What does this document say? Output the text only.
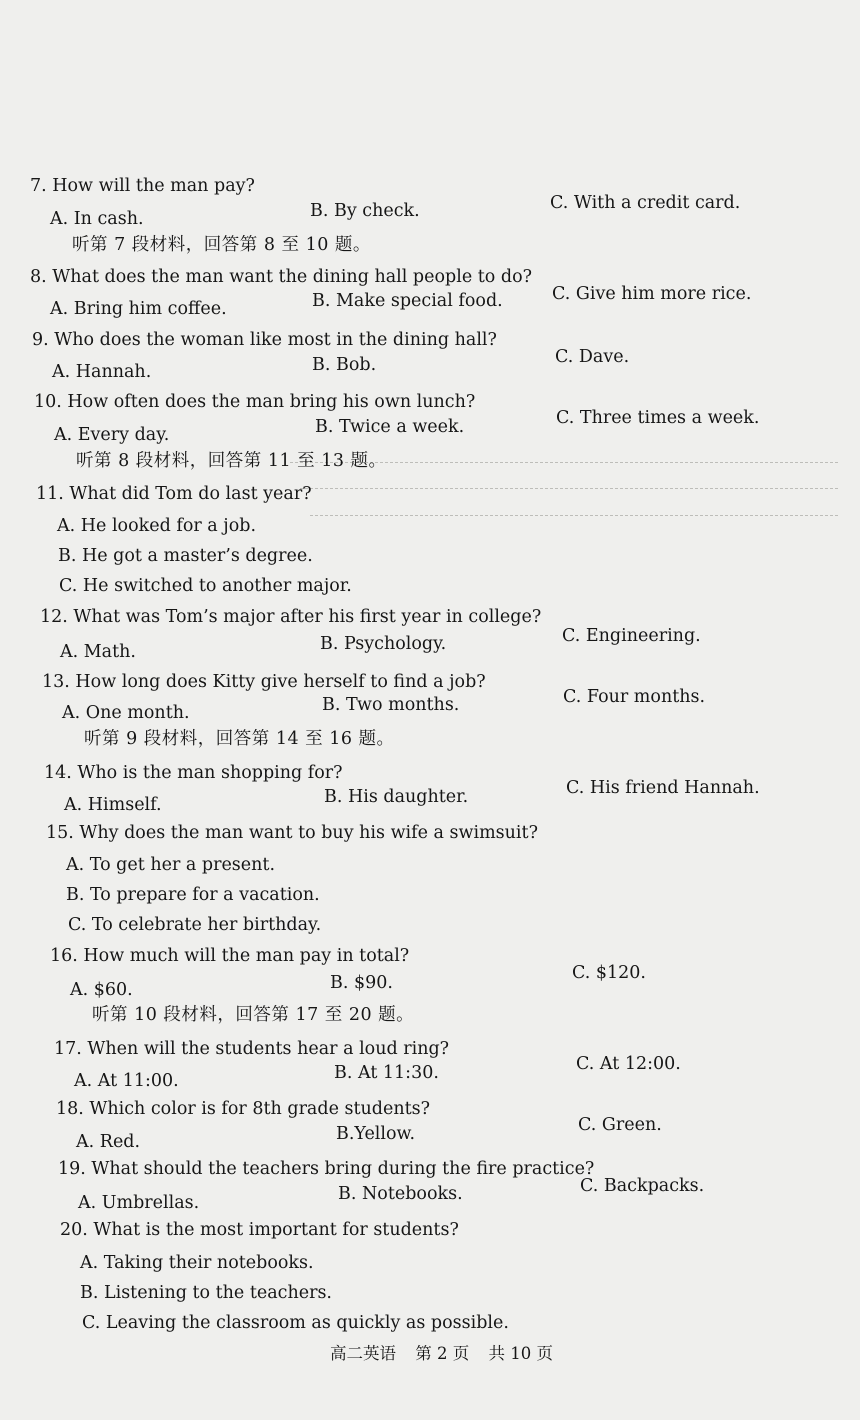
7. How will the man pay?
A. In cash.	B. By check.	C. With a credit card.
听第 7 段材料，回答第 8 至 10 题。
8. What does the man want the dining hall people to do?
A. Bring him coffee.	B. Make special food.	C. Give him more rice.
9. Who does the woman like most in the dining hall?
A. Hannah.	B. Bob.	C. Dave.
10. How often does the man bring his own lunch?
A. Every day.	B. Twice a week.	C. Three times a week.
听第 8 段材料，回答第 11 至 13 题。
11. What did Tom do last year?
A. He looked for a job.
B. He got a master’s degree.
C. He switched to another major.
12. What was Tom’s major after his first year in college?
A. Math.	B. Psychology.	C. Engineering.
13. How long does Kitty give herself to find a job?
A. One month.	B. Two months.	C. Four months.
听第 9 段材料，回答第 14 至 16 题。
14. Who is the man shopping for?
A. Himself.	B. His daughter.	C. His friend Hannah.
15. Why does the man want to buy his wife a swimsuit?
A. To get her a present.
B. To prepare for a vacation.
C. To celebrate her birthday.
16. How much will the man pay in total?
A. $60.	B. $90.	C. $120.
听第 10 段材料，回答第 17 至 20 题。
17. When will the students hear a loud ring?
A. At 11:00.	B. At 11:30.	C. At 12:00.
18. Which color is for 8th grade students?
A. Red.	B.Yellow.	C. Green.
19. What should the teachers bring during the fire practice?
A. Umbrellas.	B. Notebooks.	C. Backpacks.
20. What is the most important for students?
A. Taking their notebooks.
B. Listening to the teachers.
C. Leaving the classroom as quickly as possible.
高二英语 第 2 页 共 10 页
